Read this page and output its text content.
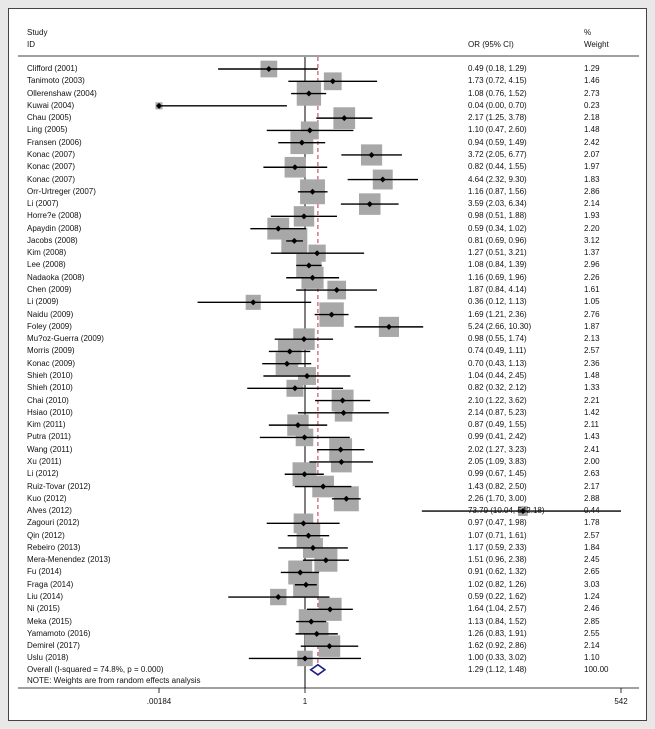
Study
ID	OR (95% CI)
%
Weight
Clifford (2001)	0.49 (0.18, 1.29)	1.29
Tanimoto (2003)	1.73 (0.72, 4.15)	1.46
Ollerenshaw (2004)	1.08 (0.76, 1.52)	2.73
Kuwai (2004)	0.04 (0.00, 0.70)	0.23
Chau (2005)	2.17 (1.25, 3.78)	2.18
Ling (2005)	1.10 (0.47, 2.60)	1.48
Fransen (2006)	0.94 (0.59, 1.49)	2.42
Konac (2007)	3.72 (2.05, 6.77)	2.07
Konac (2007)	0.82 (0.44, 1.55)	1.97
Konac (2007)	4.64 (2.32, 9.30)	1.83
Orr-Urtreger (2007)	1.16 (0.87, 1.56)	2.86
Li (2007)	3.59 (2.03, 6.34)	2.14
Horre?e (2008)	0.98 (0.51, 1.88)	1.93
Apaydin (2008)	0.59 (0.34, 1.02)	2.20
Jacobs (2008)	0.81 (0.69, 0.96)	3.12
Kim (2008)	1.27 (0.51, 3.21)	1.37
Lee (2008)	1.08 (0.84, 1.39)	2.96
Nadaoka (2008)	1.16 (0.69, 1.96)	2.26
Chen (2009)	1.87 (0.84, 4.14)	1.61
Li (2009)	0.36 (0.12, 1.13)	1.05
Naidu (2009)	1.69 (1.21, 2.36)	2.76
Foley (2009)	5.24 (2.66, 10.30)	1.87
Mu?oz-Guerra (2009)	0.98 (0.55, 1.74)	2.13
Morris (2009)	0.74 (0.49, 1.11)	2.57
Konac (2009)	0.70 (0.43, 1.13)	2.36
Shieh (2010)	1.04 (0.44, 2.45)	1.48
Shieh (2010)	0.82 (0.32, 2.12)	1.33
Chai (2010)	2.10 (1.22, 3.62)	2.21
Hsiao (2010)	2.14 (0.87, 5.23)	1.42
Kim (2011)	0.87 (0.49, 1.55)	2.11
Putra (2011)	0.99 (0.41, 2.42)	1.43
Wang (2011)	2.02 (1.27, 3.23)	2.41
Xu (2011)	2.05 (1.09, 3.83)	2.00
Li (2012)	0.99 (0.67, 1.45)	2.63
Ruiz-Tovar (2012)	1.43 (0.82, 2.50)	2.17
Kuo (2012)	2.26 (1.70, 3.00)	2.88
Alves (2012)	73.79 (10.04, 542.18)	0.44
Zagouri (2012)	0.97 (0.47, 1.98)	1.78
Qin (2012)	1.07 (0.71, 1.61)	2.57
Rebeiro (2013)	1.17 (0.59, 2.33)	1.84
Mera-Menendez (2013)	1.51 (0.96, 2.38)	2.45
Fu (2014)	0.91 (0.62, 1.32)	2.65
Fraga (2014)	1.02 (0.82, 1.26)	3.03
Liu (2014)	0.59 (0.22, 1.62)	1.24
Ni (2015)	1.64 (1.04, 2.57)	2.46
Meka (2015)	1.13 (0.84, 1.52)	2.85
Yamamoto (2016)	1.26 (0.83, 1.91)	2.55
Demirel (2017)	1.62 (0.92, 2.86)	2.14
Uslu (2018)	1.00 (0.33, 3.02)	1.10
Overall (I-squared = 74.8%, p = 0.000)	1.29 (1.12, 1.48)	100.00
NOTE: Weights are from random effects analysis
.00184	1	542
